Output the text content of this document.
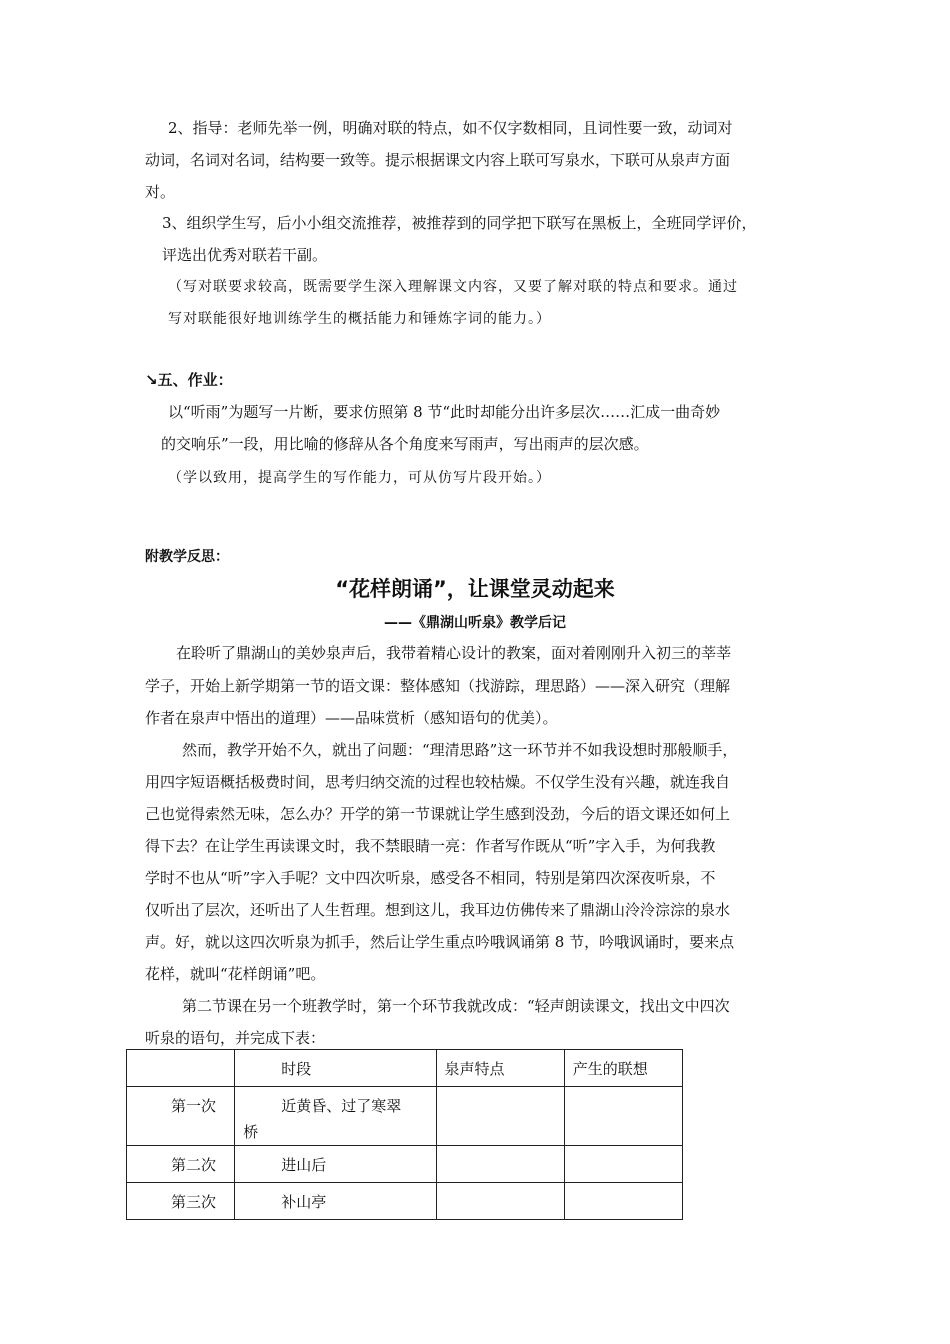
2、指导：老师先举一例，明确对联的特点，如不仅字数相同，且词性要一致，动词对
动词，名词对名词，结构要一致等。提示根据课文内容上联可写泉水，下联可从泉声方面
对。
3、组织学生写，后小小组交流推荐，被推荐到的同学把下联写在黑板上，全班同学评价，
评选出优秀对联若干副。
（写对联要求较高，既需要学生深入理解课文内容，又要了解对联的特点和要求。通过
写对联能很好地训练学生的概括能力和锤炼字词的能力。）
↘五、作业：
以“听雨”为题写一片断，要求仿照第 8 节“此时却能分出许多层次……汇成一曲奇妙
的交响乐”一段，用比喻的修辞从各个角度来写雨声，写出雨声的层次感。
（学以致用，提高学生的写作能力，可从仿写片段开始。）
附教学反思：
“花样朗诵”，让课堂灵动起来
——《鼎湖山听泉》教学后记
在聆听了鼎湖山的美妙泉声后，我带着精心设计的教案，面对着刚刚升入初三的莘莘
学子，开始上新学期第一节的语文课：整体感知（找游踪，理思路）——深入研究（理解
作者在泉声中悟出的道理）——品味赏析（感知语句的优美）。
然而，教学开始不久，就出了问题：“理清思路”这一环节并不如我设想时那般顺手，
用四字短语概括极费时间，思考归纳交流的过程也较枯燥。不仅学生没有兴趣，就连我自
己也觉得索然无味，怎么办？开学的第一节课就让学生感到没劲，今后的语文课还如何上
得下去？在让学生再读课文时，我不禁眼睛一亮：作者写作既从“听”字入手，为何我教
学时不也从“听”字入手呢？文中四次听泉，感受各不相同，特别是第四次深夜听泉，不
仅听出了层次，还听出了人生哲理。想到这儿，我耳边仿佛传来了鼎湖山泠泠淙淙的泉水
声。好，就以这四次听泉为抓手，然后让学生重点吟哦讽诵第 8 节，吟哦讽诵时，要来点
花样，就叫“花样朗诵”吧。
第二节课在另一个班教学时，第一个环节我就改成：“轻声朗读课文，找出文中四次
听泉的语句，并完成下表：

	时段	泉声特点	产生的联想

第一次	近黄昏、过了寒翠
桥		

第二次	进山后		

第三次	补山亭		
